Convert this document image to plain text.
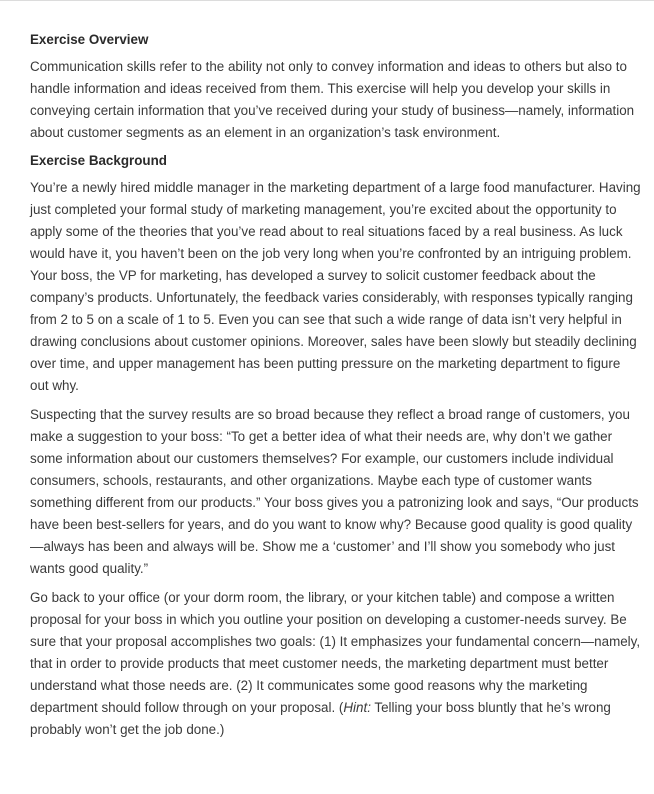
Exercise Overview

Communication skills refer to the ability not only to convey information and ideas to others but also to handle information and ideas received from them. This exercise will help you develop your skills in conveying certain information that you’ve received during your study of business—namely, information about customer segments as an element in an organization’s task environment.

Exercise Background

You’re a newly hired middle manager in the marketing department of a large food manufacturer. Having just completed your formal study of marketing management, you’re excited about the opportunity to apply some of the theories that you’ve read about to real situations faced by a real business. As luck would have it, you haven’t been on the job very long when you’re confronted by an intriguing problem. Your boss, the VP for marketing, has developed a survey to solicit customer feedback about the company’s products. Unfortunately, the feedback varies considerably, with responses typically ranging from 2 to 5 on a scale of 1 to 5. Even you can see that such a wide range of data isn’t very helpful in drawing conclusions about customer opinions. Moreover, sales have been slowly but steadily declining over time, and upper management has been putting pressure on the marketing department to figure out why.

Suspecting that the survey results are so broad because they reflect a broad range of customers, you make a suggestion to your boss: “To get a better idea of what their needs are, why don’t we gather some information about our customers themselves? For example, our customers include individual consumers, schools, restaurants, and other organizations. Maybe each type of customer wants something different from our products.” Your boss gives you a patronizing look and says, “Our products have been best-sellers for years, and do you want to know why? Because good quality is good quality—always has been and always will be. Show me a ‘customer’ and I’ll show you somebody who just wants good quality.”

Go back to your office (or your dorm room, the library, or your kitchen table) and compose a written proposal for your boss in which you outline your position on developing a customer-needs survey. Be sure that your proposal accomplishes two goals: (1) It emphasizes your fundamental concern—namely, that in order to provide products that meet customer needs, the marketing department must better understand what those needs are. (2) It communicates some good reasons why the marketing department should follow through on your proposal. (Hint: Telling your boss bluntly that he’s wrong probably won’t get the job done.)
